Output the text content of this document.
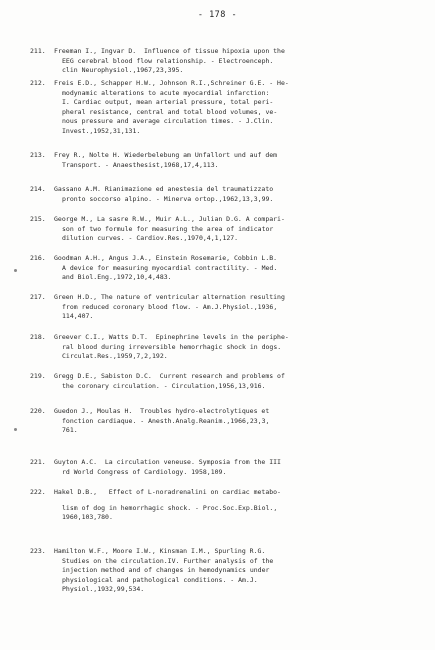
- 178 -
211.	Freeman I., Ingvar D.  Influence of tissue hipoxia upon the
EEG cerebral blood flow relationship. - Electroenceph.
clin Neurophysiol.,1967,23,395.
212.	Freis E.D., Schapper H.W., Johnson R.I.,Schreiner G.E. - He-
modynamic alterations to acute myocardial infarction:
I. Cardiac output, mean arterial pressure, total peri-
pheral resistance, central and total blood volumes, ve-
nous pressure and average circulation times. - J.Clin.
Invest.,1952,31,131.
213.	Frey R., Nolte H. Wiederbelebung am Unfallort und auf dem
Transport. - Anaesthesist,1968,17,4,113.
214.	Gassano A.M. Rianimazione ed anestesia del traumatizzato
pronto soccorso alpino. - Minerva ortop.,1962,13,3,99.
215.	George M., La sasre R.W., Muir A.L., Julian D.G. A compari-
son of two formule for measuring the area of indicator
dilution curves. - Cardiov.Res.,1970,4,1,127.
216.	Goodman A.H., Angus J.A., Einstein Rosemarie, Cobbin L.B.
A device for measuring myocardial contractility. - Med.
and Biol.Eng.,1972,10,4,483.
217.	Green H.D., The nature of ventricular alternation resulting
from reduced coronary blood flow. - Am.J.Physiol.,1936,
114,407.
218.	Greever C.I., Watts D.T.  Epinephrine levels in the periphe-
ral blood during irreversible hemorrhagic shock in dogs.
Circulat.Res.,1959,7,2,192.
219.	Gregg D.E., Sabiston D.C.  Current research and problems of
the coronary circulation. - Circulation,1956,13,916.
220.	Guedon J., Moulas H.  Troubles hydro-electrolytiques et
fonction cardiaque. - Anesth.Analg.Reanim.,1966,23,3,
761.
221.	Guyton A.C.  La circulation veneuse. Symposia from the III
rd World Congress of Cardiology. 1958,109.
222.	Hakel D.B.,   Effect of L-noradrenalini on cardiac metabo-
lism of dog in hemorrhagic shock. - Proc.Soc.Exp.Biol.,
1960,103,780.
223.	Hamilton W.F., Moore I.W., Kinsman I.M., Spurling R.G.
Studies on the circulation.IV. Further analysis of the
injection method and of changes in hemodynamics under
physiological and pathological conditions. - Am.J.
Physiol.,1932,99,534.
